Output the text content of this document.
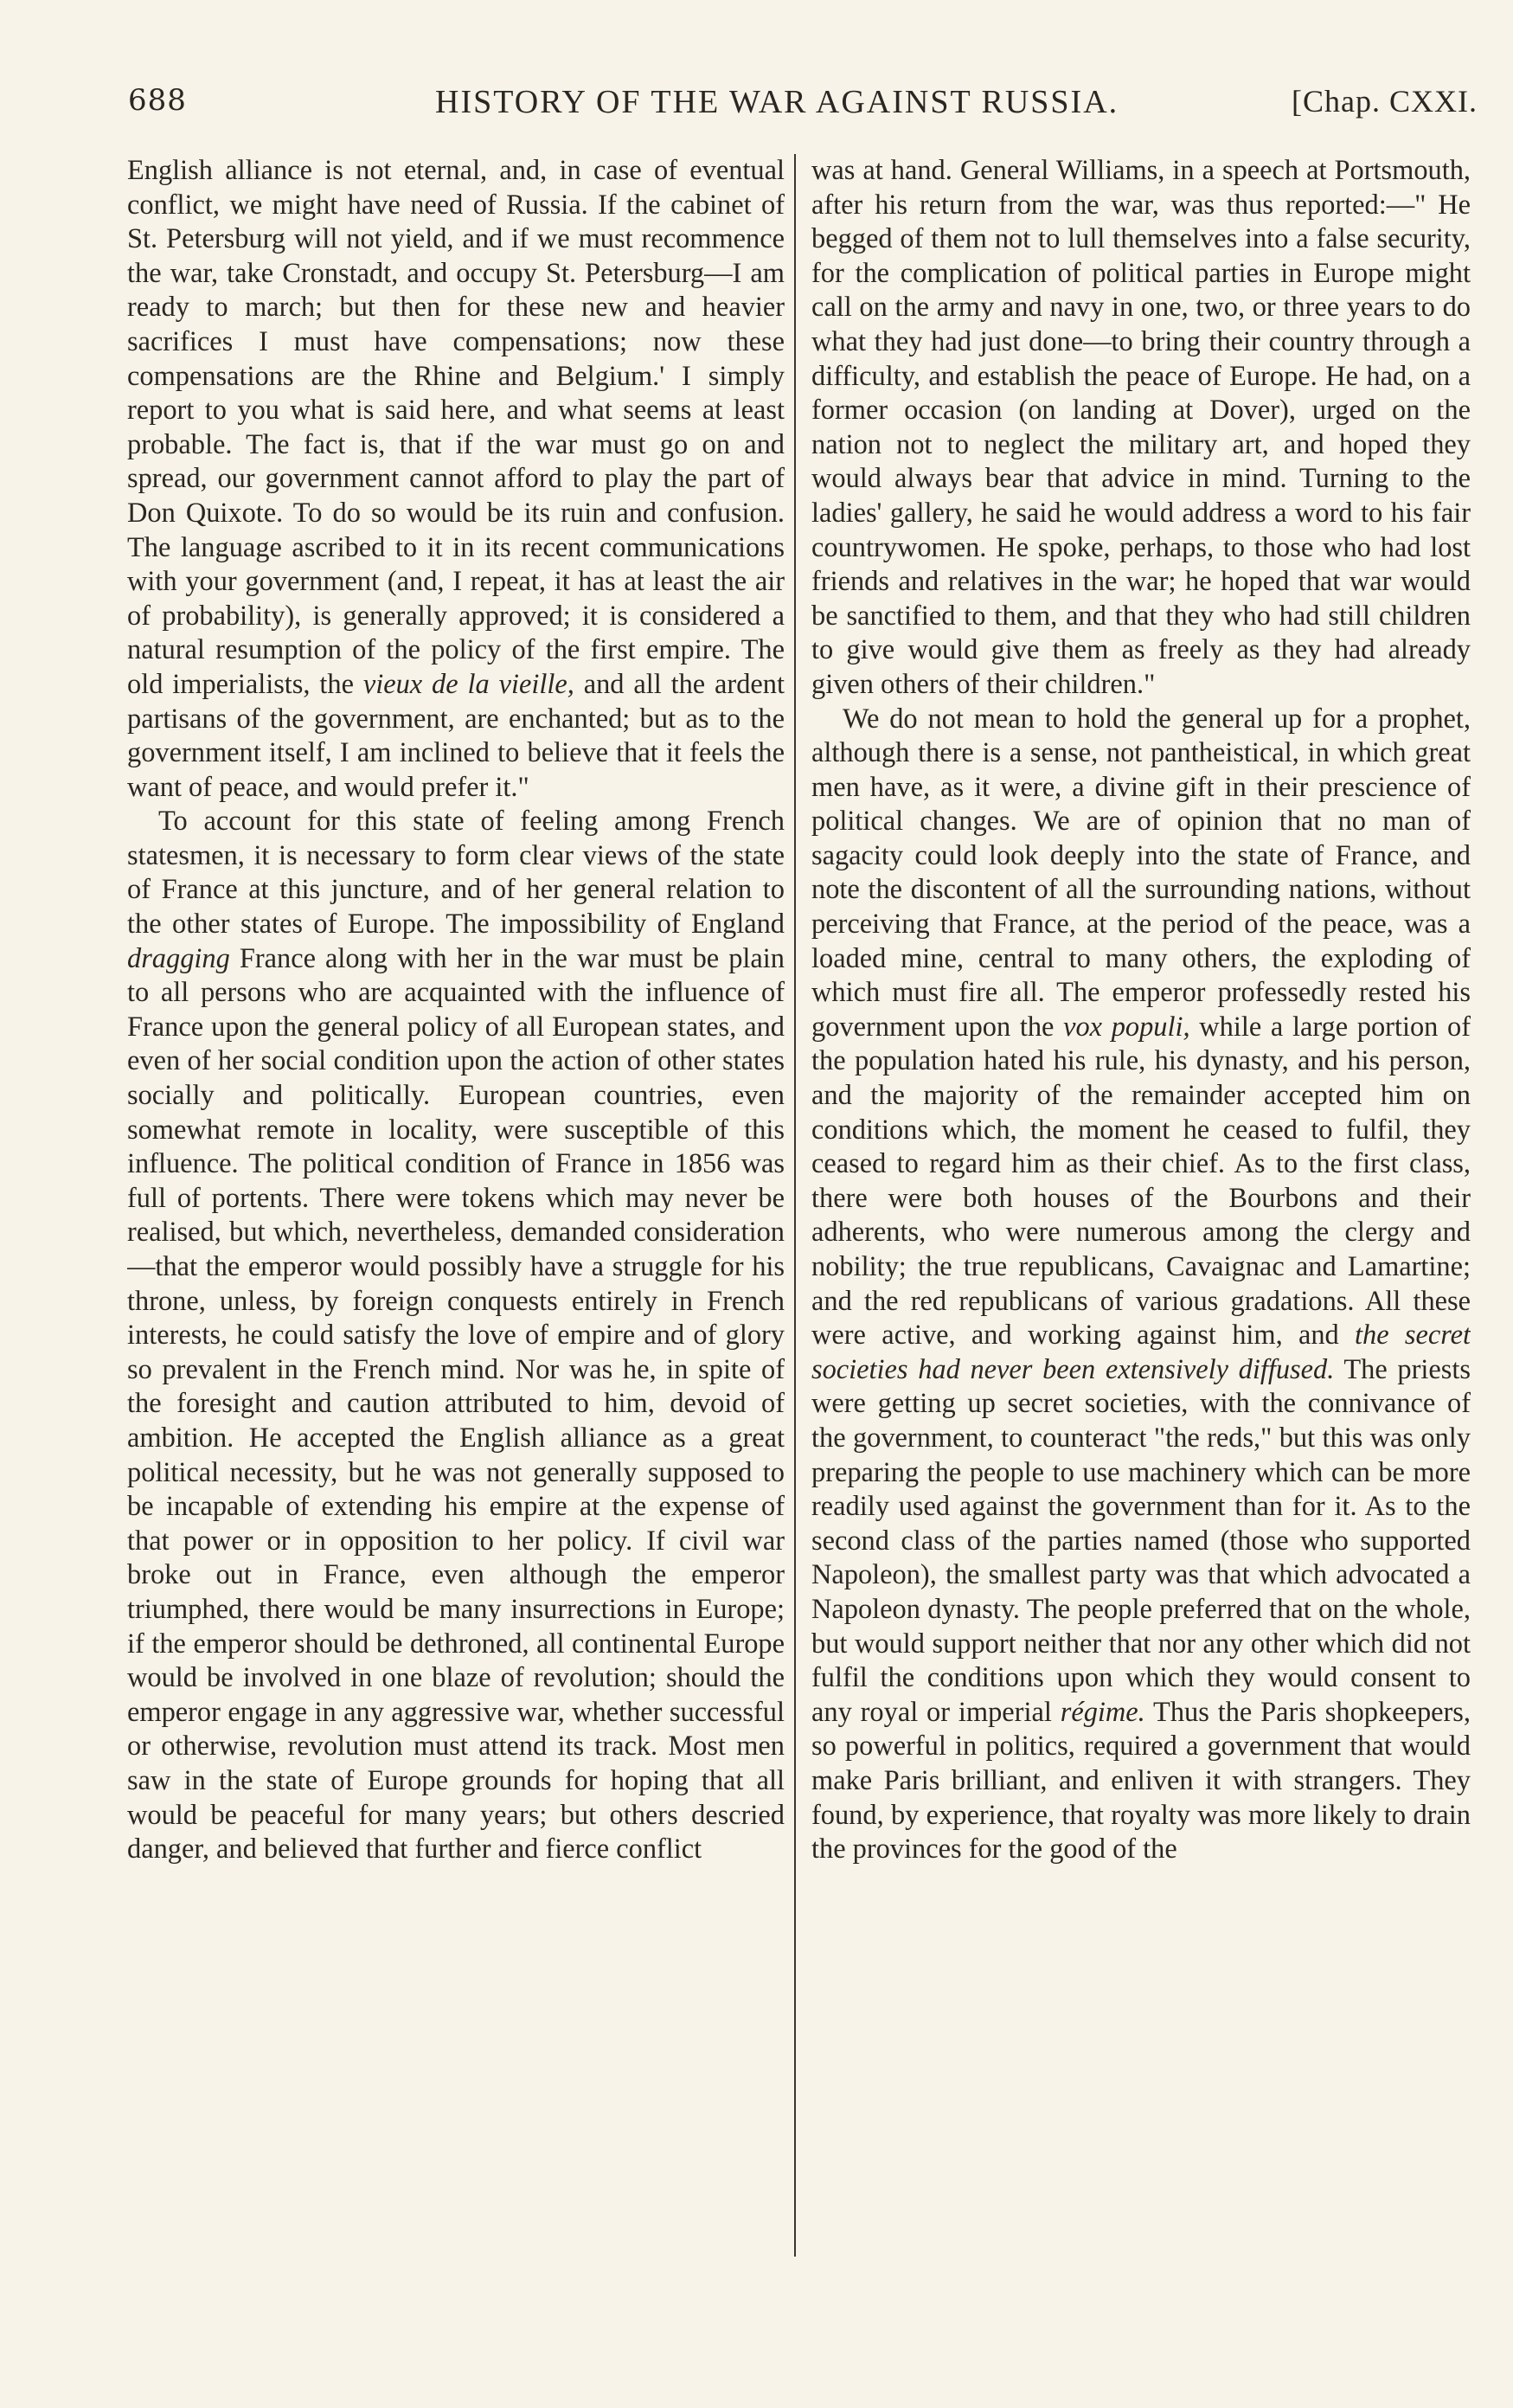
688	HISTORY OF THE WAR AGAINST RUSSIA.	[Chap. CXXI.

English alliance is not eternal, and, in case of eventual conflict, we might have need of Russia. If the cabinet of St. Petersburg will not yield, and if we must recommence the war, take Cronstadt, and occupy St. Petersburg—I am ready to march; but then for these new and heavier sacrifices I must have compensations; now these compensations are the Rhine and Belgium.' I simply report to you what is said here, and what seems at least probable. The fact is, that if the war must go on and spread, our government cannot afford to play the part of Don Quixote. To do so would be its ruin and confusion. The language ascribed to it in its recent communications with your government (and, I repeat, it has at least the air of probability), is generally approved; it is considered a natural resumption of the policy of the first empire. The old imperialists, the vieux de la vieille, and all the ardent partisans of the government, are enchanted; but as to the government itself, I am inclined to believe that it feels the want of peace, and would prefer it."

To account for this state of feeling among French statesmen, it is necessary to form clear views of the state of France at this juncture, and of her general relation to the other states of Europe. The impossibility of England dragging France along with her in the war must be plain to all persons who are acquainted with the influence of France upon the general policy of all European states, and even of her social condition upon the action of other states socially and politically. European countries, even somewhat remote in locality, were susceptible of this influence. The political condition of France in 1856 was full of portents. There were tokens which may never be realised, but which, nevertheless, demanded consideration—that the emperor would possibly have a struggle for his throne, unless, by foreign conquests entirely in French interests, he could satisfy the love of empire and of glory so prevalent in the French mind. Nor was he, in spite of the foresight and caution attributed to him, devoid of ambition. He accepted the English alliance as a great political necessity, but he was not generally supposed to be incapable of extending his empire at the expense of that power or in opposition to her policy. If civil war broke out in France, even although the emperor triumphed, there would be many insurrections in Europe; if the emperor should be dethroned, all continental Europe would be involved in one blaze of revolution; should the emperor engage in any aggressive war, whether successful or otherwise, revolution must attend its track. Most men saw in the state of Europe grounds for hoping that all would be peaceful for many years; but others descried danger, and believed that further and fierce conflict

was at hand. General Williams, in a speech at Portsmouth, after his return from the war, was thus reported:—" He begged of them not to lull themselves into a false security, for the complication of political parties in Europe might call on the army and navy in one, two, or three years to do what they had just done—to bring their country through a difficulty, and establish the peace of Europe. He had, on a former occasion (on landing at Dover), urged on the nation not to neglect the military art, and hoped they would always bear that advice in mind. Turning to the ladies' gallery, he said he would address a word to his fair countrywomen. He spoke, perhaps, to those who had lost friends and relatives in the war; he hoped that war would be sanctified to them, and that they who had still children to give would give them as freely as they had already given others of their children."

We do not mean to hold the general up for a prophet, although there is a sense, not pantheistical, in which great men have, as it were, a divine gift in their prescience of political changes. We are of opinion that no man of sagacity could look deeply into the state of France, and note the discontent of all the surrounding nations, without perceiving that France, at the period of the peace, was a loaded mine, central to many others, the exploding of which must fire all. The emperor professedly rested his government upon the vox populi, while a large portion of the population hated his rule, his dynasty, and his person, and the majority of the remainder accepted him on conditions which, the moment he ceased to fulfil, they ceased to regard him as their chief. As to the first class, there were both houses of the Bourbons and their adherents, who were numerous among the clergy and nobility; the true republicans, Cavaignac and Lamartine; and the red republicans of various gradations. All these were active, and working against him, and the secret societies had never been extensively diffused. The priests were getting up secret societies, with the connivance of the government, to counteract "the reds," but this was only preparing the people to use machinery which can be more readily used against the government than for it. As to the second class of the parties named (those who supported Napoleon), the smallest party was that which advocated a Napoleon dynasty. The people preferred that on the whole, but would support neither that nor any other which did not fulfil the conditions upon which they would consent to any royal or imperial régime. Thus the Paris shopkeepers, so powerful in politics, required a government that would make Paris brilliant, and enliven it with strangers. They found, by experience, that royalty was more likely to drain the provinces for the good of the
